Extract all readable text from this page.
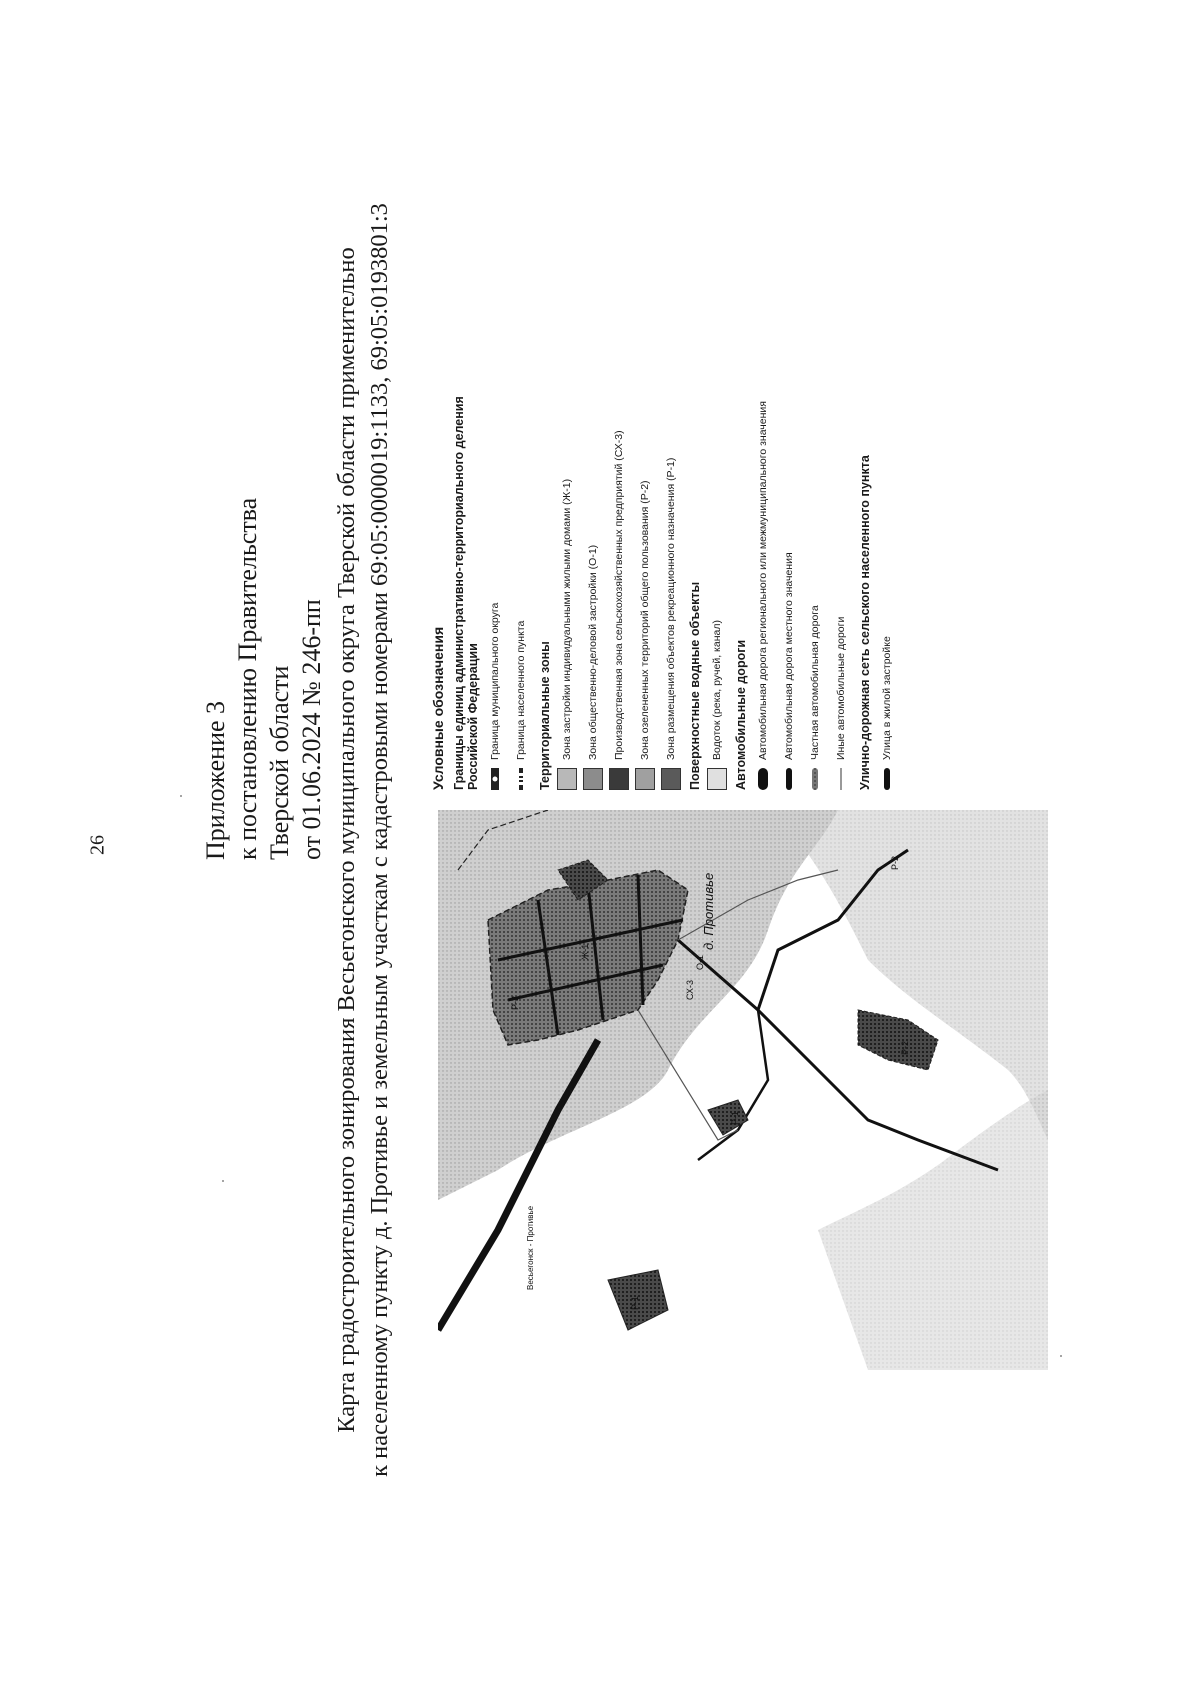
26	Приложение 3 к постановлению Правительства Тверской области от 01.06.2024 № 246-пп Карта градостроительного зонирования Весьегонского муниципального округа Тверской области применительно к населенному пункту д. Противье и земельным участкам с кадастровыми номерами 69:05:0000019:1133, 69:05:0193801:3	Условные обозначения Границы единиц административно-территориального деления Российской Федерации Граница муниципального округа Граница населенного пункта Территориальные зоны Зона застройки индивидуальными жилыми домами (Ж-1) Зона общественно-деловой застройки (О-1) Производственная зона сельскохозяйственных предприятий (СХ-3) Зона озелененных территорий общего пользования (Р-2) Зона размещения объектов рекреационного назначения (Р-1) Поверхностные водные объекты Водоток (река, ручей, канал) Автомобильные дороги Автомобильная дорога регионального или межмуниципального значения Автомобильная дорога местного значения Частная автомобильная дорога Иные автомобильные дороги Улично-дорожная сеть сельского населенного пункта Улица в жилой застройке
д. Противье
Весьегонск - Противье
Ж-1
СХ-3
О-1
Р-2
Р-1
Р-2
Р-1
Р-2
